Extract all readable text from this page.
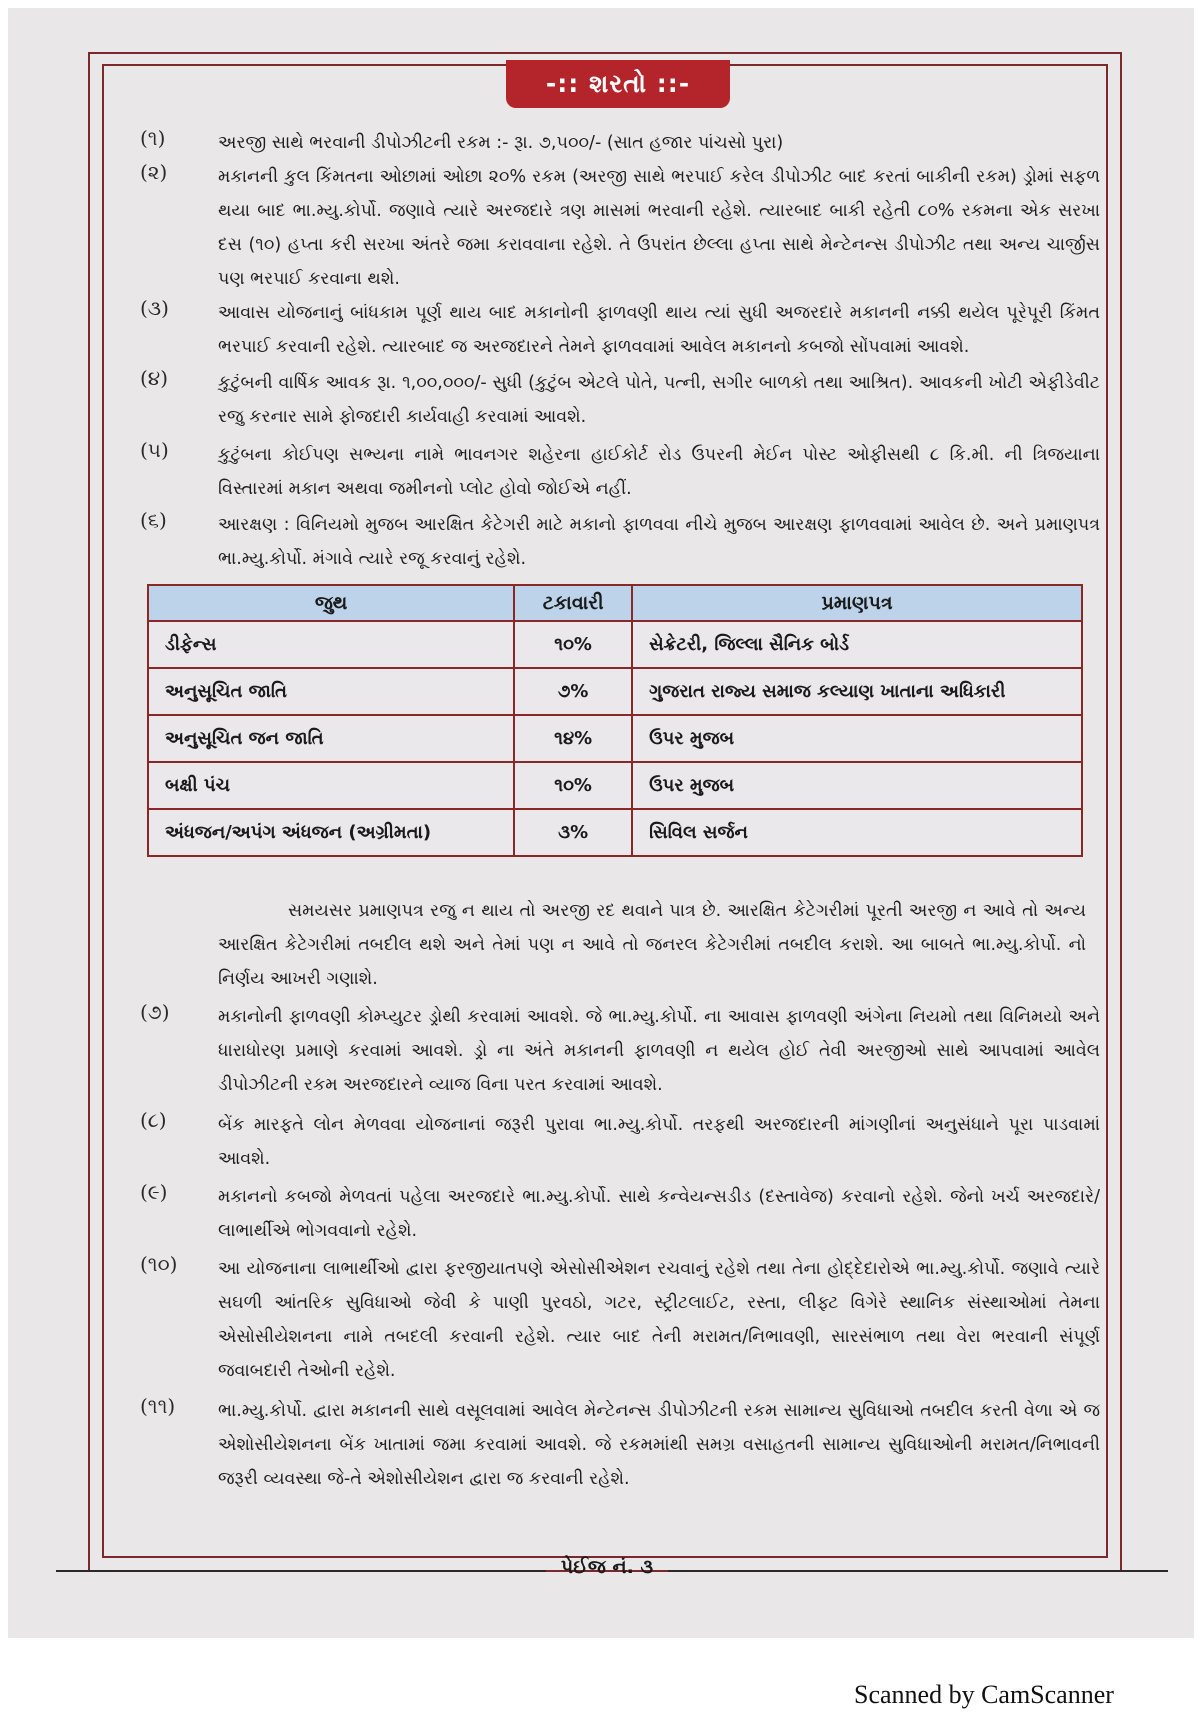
-:: શરતો ::-
(૧)	અરજી સાથે ભરવાની ડીપોઝીટની રકમ :- રૂા. ૭,૫૦૦/- (સાત હજાર પાંચસો પુરા)
(૨)	મકાનની કુલ કિંમતના ઓછામાં ઓછા ૨૦% રકમ (અરજી સાથે ભરપાઈ કરેલ ડીપોઝીટ બાદ કરતાં બાકીની રકમ) ડ્રોમાં સફળ થયા બાદ ભા.મ્યુ.કોર્પો. જણાવે ત્યારે અરજદારે ત્રણ માસમાં ભરવાની રહેશે. ત્યારબાદ બાકી રહેતી ૮૦% રકમના એક સરખા દસ (૧૦) હપ્તા કરી સરખા અંતરે જમા કરાવવાના રહેશે. તે ઉપરાંત છેલ્લા હપ્તા સાથે મેન્ટેનન્સ ડીપોઝીટ તથા અન્ય ચાર્જીસ પણ ભરપાઈ કરવાના થશે.
(૩)	આવાસ યોજનાનું બાંધકામ પૂર્ણ થાય બાદ મકાનોની ફાળવણી થાય ત્યાં સુધી અજરદારે મકાનની નક્કી થયેલ પૂરેપૂરી કિંમત ભરપાઈ કરવાની રહેશે. ત્યારબાદ જ અરજદારને તેમને ફાળવવામાં આવેલ મકાનનો કબજો સોંપવામાં આવશે.
(૪)	કુટુંબની વાર્ષિક આવક રૂા. ૧,૦૦,૦૦૦/- સુધી (કુટુંબ એટલે પોતે, પત્ની, સગીર બાળકો તથા આશ્રિત). આવકની ખોટી એફીડેવીટ રજુ કરનાર સામે ફોજદારી કાર્યવાહી કરવામાં આવશે.
(૫)	કુટુંબના કોઈપણ સભ્યના નામે ભાવનગર શહેરના હાઈકોર્ટ રોડ ઉપરની મેઈન પોસ્ટ ઓફીસથી ૮ કિ.મી. ની ત્રિજયાના વિસ્તારમાં મકાન અથવા જમીનનો પ્લોટ હોવો જોઈએ નહીં.
(૬)	આરક્ષણ : વિનિયમો મુજબ આરક્ષિત કેટેગરી માટે મકાનો ફાળવવા નીચે મુજબ આરક્ષણ ફાળવવામાં આવેલ છે. અને પ્રમાણપત્ર ભા.મ્યુ.કોર્પો. મંગાવે ત્યારે રજૂ કરવાનું રહેશે.
જુથ	ટકાવારી	પ્રમાણપત્ર
ડીફેન્સ	૧૦%	સેક્રેટરી, જિલ્લા સૈનિક બોર્ડ
અનુસૂચિત જાતિ	૭%	ગુજરાત રાજ્ય સમાજ કલ્યાણ ખાતાના અધિકારી
અનુસૂચિત જન જાતિ	૧૪%	ઉપર મુજબ
બક્ષી પંચ	૧૦%	ઉપર મુજબ
અંધજન/અપંગ અંધજન (અગ્રીમતા)	૩%	સિવિલ સર્જન
સમયસર પ્રમાણપત્ર રજુ ન થાય તો અરજી રદ થવાને પાત્ર છે. આરક્ષિત કેટેગરીમાં પૂરતી અરજી ન આવે તો અન્ય આરક્ષિત કેટેગરીમાં તબદીલ થશે અને તેમાં પણ ન આવે તો જનરલ કેટેગરીમાં તબદીલ કરાશે. આ બાબતે ભા.મ્યુ.કોર્પો. નો નિર્ણય આખરી ગણાશે.
(૭)	મકાનોની ફાળવણી કોમ્પ્યુટર ડ્રોથી કરવામાં આવશે. જે ભા.મ્યુ.કોર્પો. ના આવાસ ફાળવણી અંગેના નિયમો તથા વિનિમયો અને ધારાધોરણ પ્રમાણે કરવામાં આવશે. ડ્રો ના અંતે મકાનની ફાળવણી ન થયેલ હોઈ તેવી અરજીઓ સાથે આપવામાં આવેલ ડીપોઝીટની રકમ અરજદારને વ્યાજ વિના પરત કરવામાં આવશે.
(૮)	બેંક મારફતે લોન મેળવવા યોજનાનાં જરૂરી પુરાવા ભા.મ્યુ.કોર્પો. તરફથી અરજદારની માંગણીનાં અનુસંધાને પૂરા પાડવામાં આવશે.
(૯)	મકાનનો કબજો મેળવતાં પહેલા અરજદારે ભા.મ્યુ.કોર્પો. સાથે કન્વેયન્સડીડ (દસ્તાવેજ) કરવાનો રહેશે. જેનો ખર્ચ અરજદારે/લાભાર્થીએ ભોગવવાનો રહેશે.
(૧૦)	આ યોજનાના લાભાર્થીઓ દ્વારા ફરજીયાતપણે એસોસીએશન રચવાનું રહેશે તથા તેના હોદ્દેદારોએ ભા.મ્યુ.કોર્પો. જણાવે ત્યારે સઘળી આંતરિક સુવિધાઓ જેવી કે પાણી પુરવઠો, ગટર, સ્ટ્રીટલાઈટ, રસ્તા, લીફ્ટ વિગેરે સ્થાનિક સંસ્થાઓમાં તેમના એસોસીયેશનના નામે તબદલી કરવાની રહેશે. ત્યાર બાદ તેની મરામત/નિભાવણી, સારસંભાળ તથા વેરા ભરવાની સંપૂર્ણ જવાબદારી તેઓની રહેશે.
(૧૧)	ભા.મ્યુ.કોર્પો. દ્વારા મકાનની સાથે વસૂલવામાં આવેલ મેન્ટેનન્સ ડીપોઝીટની રકમ સામાન્ય સુવિધાઓ તબદીલ કરતી વેળા એ જ એશોસીયેશનના બેંક ખાતામાં જમા કરવામાં આવશે. જે રકમમાંથી સમગ્ર વસાહતની સામાન્ય સુવિધાઓની મરામત/નિભાવની જરૂરી વ્યવસ્થા જે-તે એશોસીયેશન દ્વારા જ કરવાની રહેશે.
પેઈજ નં. ૩
Scanned by CamScanner
